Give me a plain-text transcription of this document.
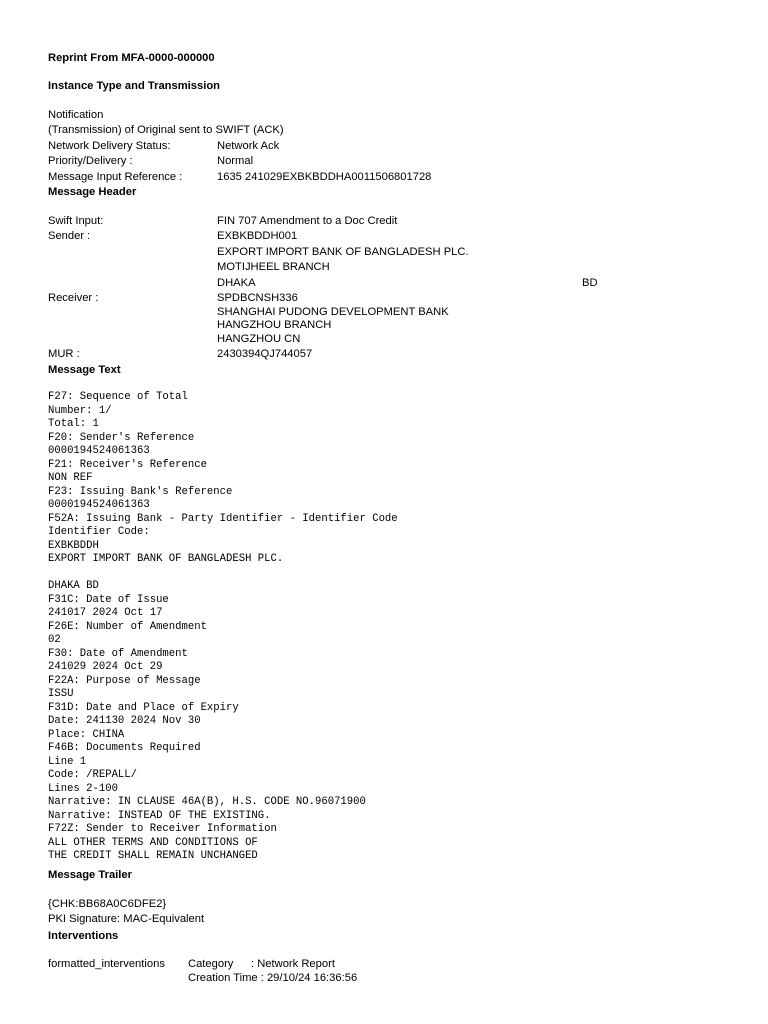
Reprint From MFA-0000-000000
Instance Type and Transmission
Notification
(Transmission) of Original sent to SWIFT (ACK)
Network Delivery Status:	Network Ack
Priority/Delivery :	Normal
Message Input Reference :	1635 241029EXBKBDDHA0011506801728
Message Header
Swift Input:	FIN 707 Amendment to a Doc Credit
Sender :	EXBKBDDH001
EXPORT IMPORT BANK OF BANGLADESH PLC.
MOTIJHEEL BRANCH
DHAKA	BD
Receiver :	SPDBCNSH336
SHANGHAI PUDONG DEVELOPMENT BANK
HANGZHOU BRANCH
HANGZHOU CN
MUR :	2430394QJ744057
Message Text
F27: Sequence of Total
Number: 1/
Total: 1
F20: Sender's Reference
0000194524061363
F21: Receiver's Reference
NON REF
F23: Issuing Bank's Reference
0000194524061363
F52A: Issuing Bank - Party Identifier - Identifier Code
Identifier Code:
EXBKBDDH
EXPORT IMPORT BANK OF BANGLADESH PLC.
DHAKA BD
F31C: Date of Issue
241017 2024 Oct 17
F26E: Number of Amendment
02
F30: Date of Amendment
241029 2024 Oct 29
F22A: Purpose of Message
ISSU
F31D: Date and Place of Expiry
Date: 241130 2024 Nov 30
Place: CHINA
F46B: Documents Required
Line 1
Code: /REPALL/
Lines 2-100
Narrative: IN CLAUSE 46A(B), H.S. CODE NO.96071900
Narrative: INSTEAD OF THE EXISTING.
F72Z: Sender to Receiver Information
ALL OTHER TERMS AND CONDITIONS OF
THE CREDIT SHALL REMAIN UNCHANGED
Message Trailer
{CHK:BB68A0C6DFE2}
PKI Signature: MAC-Equivalent
Interventions
formatted_interventions Category : Network Report
Creation Time : 29/10/24 16:36:56
